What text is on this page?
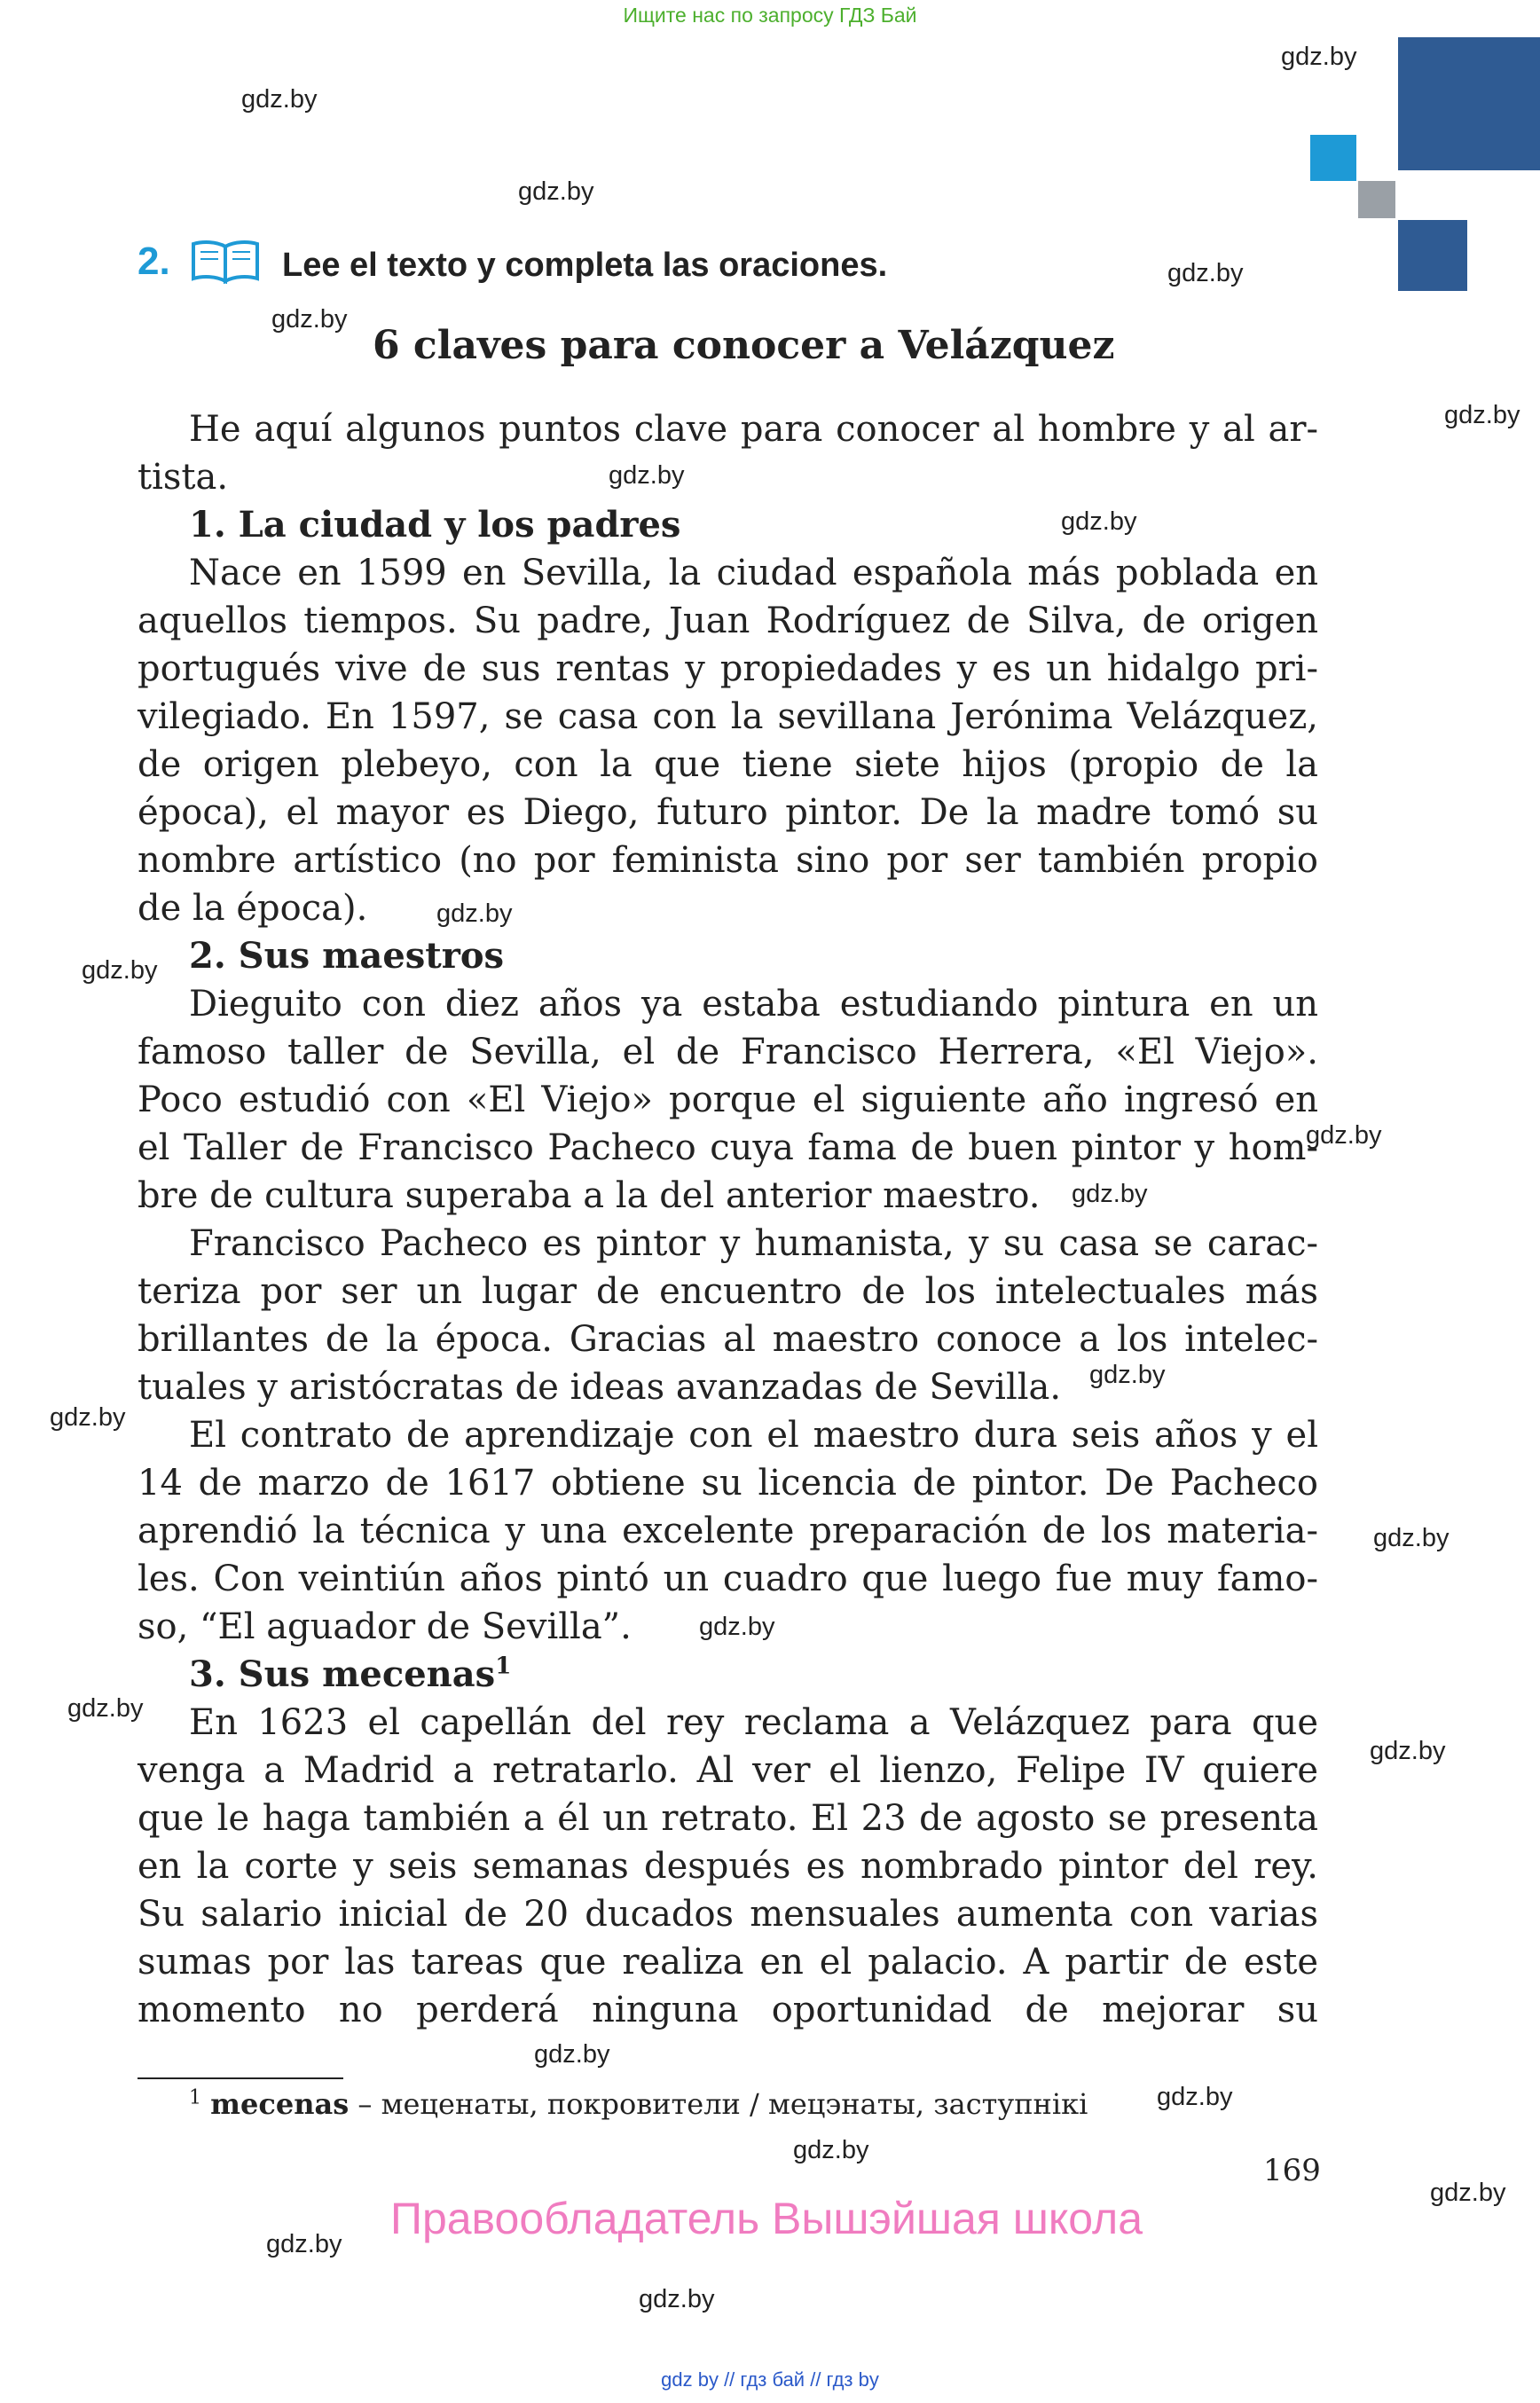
Ищите нас по запросу ГДЗ Бай
2.	Lee el texto y completa las oraciones.
6 claves para conocer a Velázquez
He aquí algunos puntos clave para conocer al hombre y al ar-
tista.
1. La ciudad y los padres
Nace en 1599 en Sevilla, la ciudad española más poblada en
aquellos tiempos. Su padre, Juan Rodríguez de Silva, de origen
portugués vive de sus rentas y propiedades y es un hidalgo pri-
vilegiado. En 1597, se casa con la sevillana Jerónima Velázquez,
de origen plebeyo, con la que tiene siete hijos (propio de la
época), el mayor es Diego, futuro pintor. De la madre tomó su
nombre artístico (no por feminista sino por ser también propio
de la época).
2. Sus maestros
Dieguito con diez años ya estaba estudiando pintura en un
famoso taller de Sevilla, el de Francisco Herrera, «El Viejo».
Poco estudió con «El Viejo» porque el siguiente año ingresó en
el Taller de Francisco Pacheco cuya fama de buen pintor y hom-
bre de cultura superaba a la del anterior maestro.
Francisco Pacheco es pintor y humanista, y su casa se carac-
teriza por ser un lugar de encuentro de los intelectuales más
brillantes de la época. Gracias al maestro conoce a los intelec-
tuales y aristócratas de ideas avanzadas de Sevilla.
El contrato de aprendizaje con el maestro dura seis años y el
14 de marzo de 1617 obtiene su licencia de pintor. De Pacheco
aprendió la técnica y una excelente preparación de los materia-
les. Con veintiún años pintó un cuadro que luego fue muy famo-
so, “El aguador de Sevilla”.
3. Sus mecenas$^1$
En 1623 el capellán del rey reclama a Velázquez para que
venga a Madrid a retratarlo. Al ver el lienzo, Felipe IV quiere
que le haga también a él un retrato. El 23 de agosto se presenta
en la corte y seis semanas después es nombrado pintor del rey.
Su salario inicial de 20 ducados mensuales aumenta con varias
sumas por las tareas que realiza en el palacio. A partir de este
momento no perderá ninguna oportunidad de mejorar su
$^1$ mecenas – меценаты, покровители / мецэнаты, заступнікі
169
Правообладатель Вышэйшая школа
gdz by // гдз бай // гдз by
gdz.by
gdz.by
gdz.by
gdz.by
gdz.by
gdz.by
gdz.by
gdz.by
gdz.by
gdz.by
gdz.by
gdz.by
gdz.by
gdz.by
gdz.by
gdz.by
gdz.by
gdz.by
gdz.by
gdz.by
gdz.by
gdz.by
gdz.by
gdz.by
